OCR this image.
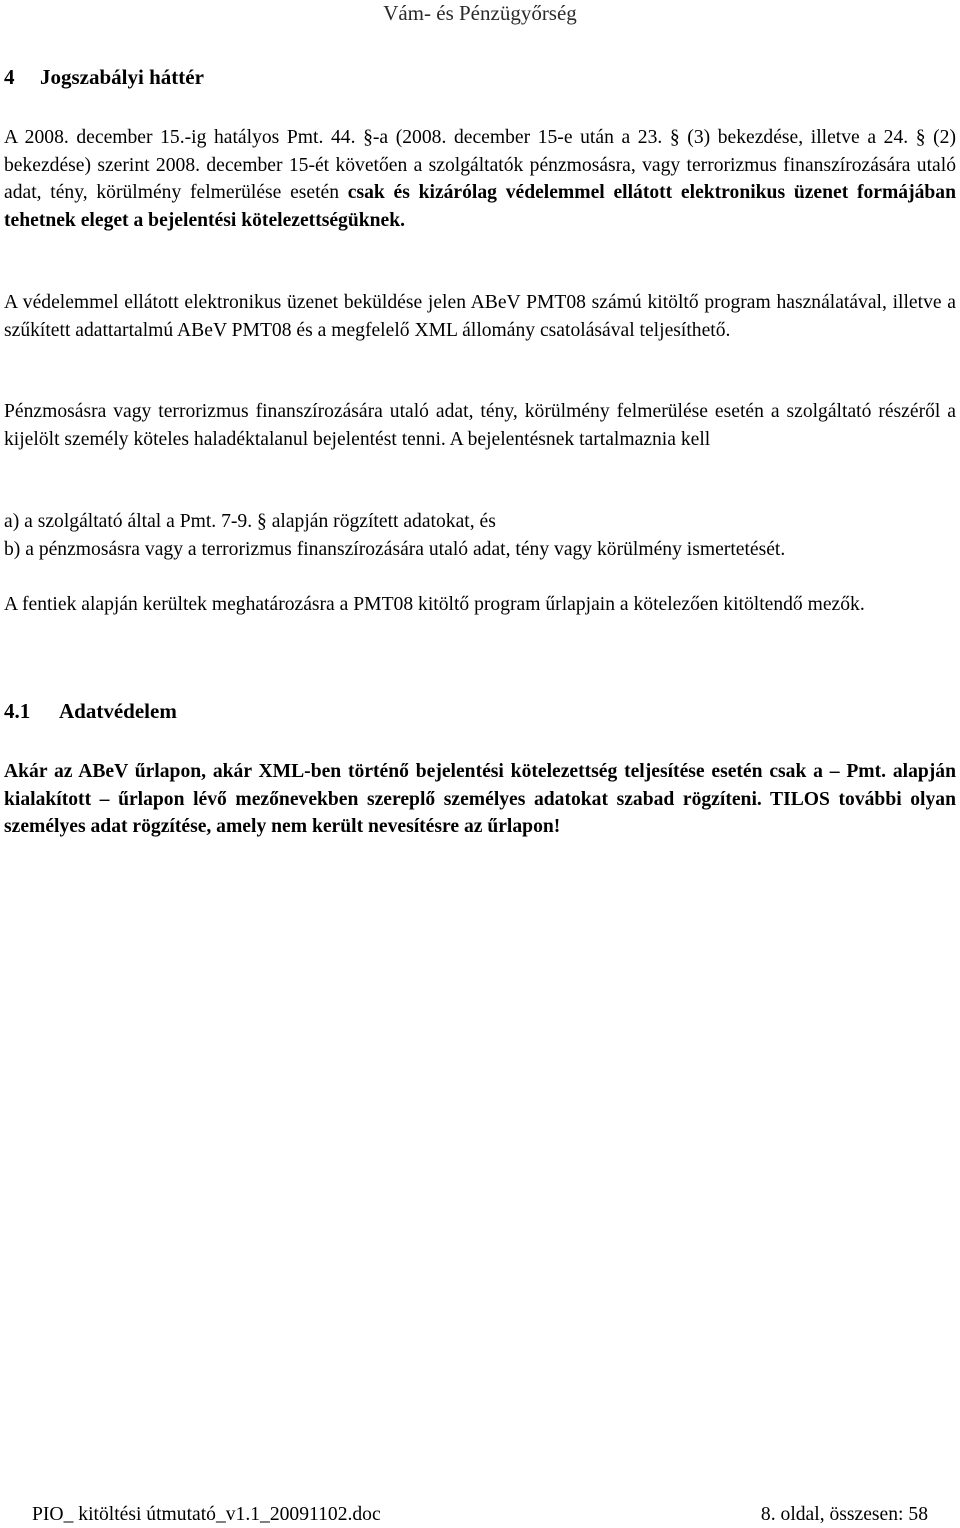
Vám- és Pénzügyőrség
4 Jogszabályi háttér

A 2008. december 15.-ig hatályos Pmt. 44. §-a (2008. december 15-e után a 23. § (3) bekezdése, illetve a 24. § (2) bekezdése) szerint 2008. december 15-ét követően a szolgáltatók pénzmosásra, vagy terrorizmus finanszírozására utaló adat, tény, körülmény felmerülése esetén csak és kizárólag védelemmel ellátott elektronikus üzenet formájában tehetnek eleget a bejelentési kötelezettségüknek.

A védelemmel ellátott elektronikus üzenet beküldése jelen ABeV PMT08 számú kitöltő program használatával, illetve a szűkített adattartalmú ABeV PMT08 és a megfelelő XML állomány csatolásával teljesíthető.

Pénzmosásra vagy terrorizmus finanszírozására utaló adat, tény, körülmény felmerülése esetén a szolgáltató részéről a kijelölt személy köteles haladéktalanul bejelentést tenni. A bejelentésnek tartalmaznia kell

a) a szolgáltató által a Pmt. 7-9. § alapján rögzített adatokat, és
b) a pénzmosásra vagy a terrorizmus finanszírozására utaló adat, tény vagy körülmény ismertetését.

A fentiek alapján kerültek meghatározásra a PMT08 kitöltő program űrlapjain a kötelezően kitöltendő mezők.

4.1 Adatvédelem

Akár az ABeV űrlapon, akár XML-ben történő bejelentési kötelezettség teljesítése esetén csak a – Pmt. alapján kialakított – űrlapon lévő mezőnevekben szereplő személyes adatokat szabad rögzíteni. TILOS további olyan személyes adat rögzítése, amely nem került nevesítésre az űrlapon!

PIO_ kitöltési útmutató_v1.1_20091102.doc	8. oldal, összesen: 58
